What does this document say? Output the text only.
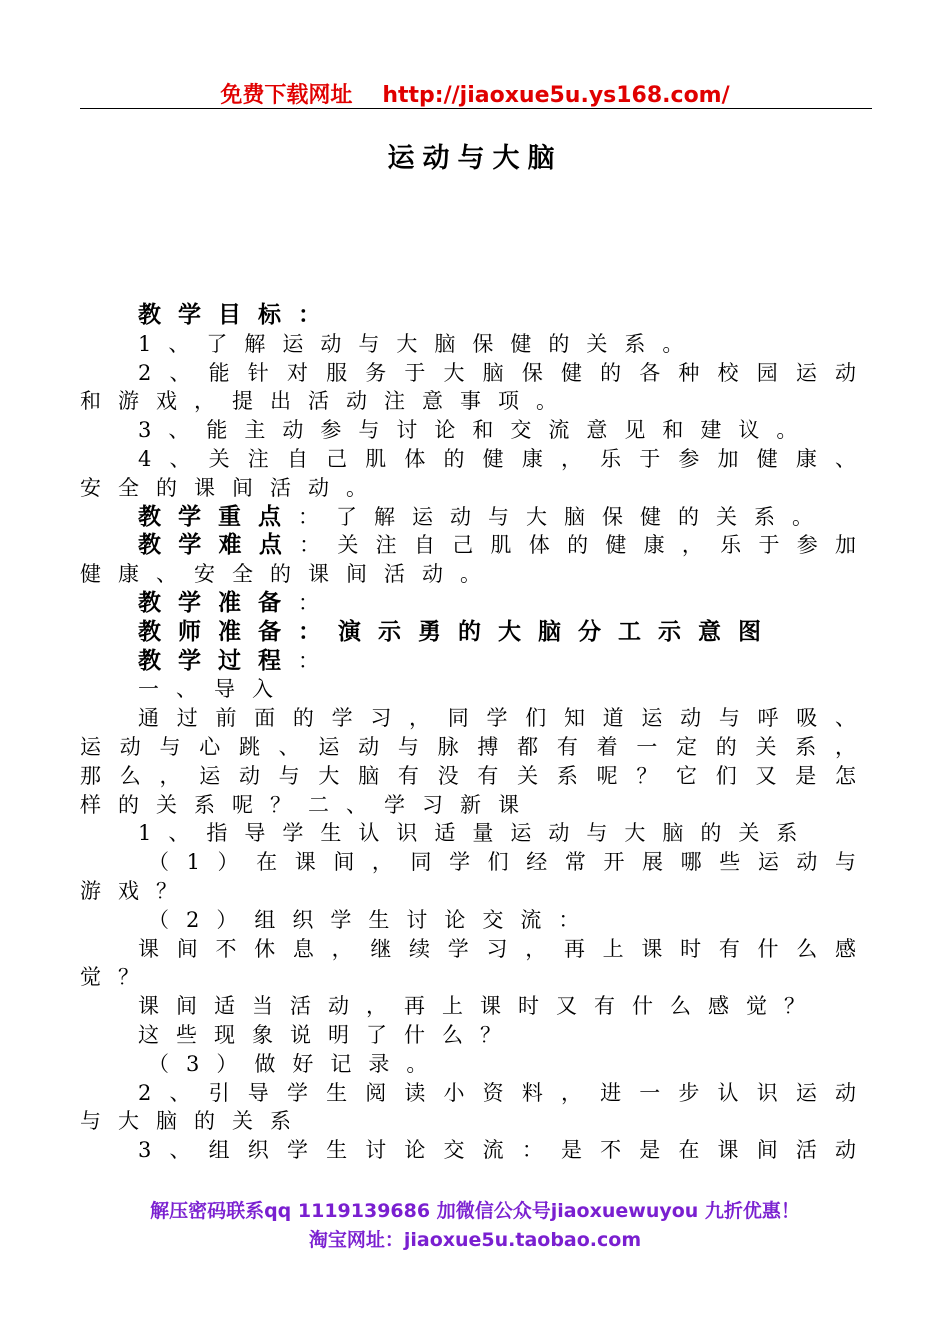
免费下载网址 http://jiaoxue5u.ys168.com/
运动与大脑
教学目标：
1、了解运动与大脑保健的关系。
2、能针对服务于大脑保健的各种校园运动
和游戏，提出活动注意事项。
3、能主动参与讨论和交流意见和建议。
4、关注自己肌体的健康，乐于参加健康、
安全的课间活动。
教学重点：了解运动与大脑保健的关系。
教学难点：关注自己肌体的健康，乐于参加
健康、安全的课间活动。
教学准备：
教师准备：演示勇的大脑分工示意图
教学过程：
一、导入
通过前面的学习，同学们知道运动与呼吸、
运动与心跳、运动与脉搏都有着一定的关系，
那么，运动与大脑有没有关系呢？它们又是怎
样的关系呢？二、学习新课
1、指导学生认识适量运动与大脑的关系
（1）在课间，同学们经常开展哪些运动与
游戏？
（2）组织学生讨论交流：
课间不休息，继续学习，再上课时有什么感
觉？
课间适当活动，再上课时又有什么感觉？
这些现象说明了什么？
（3）做好记录。
2、引导学生阅读小资料，进一步认识运动
与大脑的关系
3、组织学生讨论交流：是不是在课间活动
解压密码联系qq 1119139686 加微信公众号jiaoxuewuyou 九折优惠！
淘宝网址：jiaoxue5u.taobao.com
